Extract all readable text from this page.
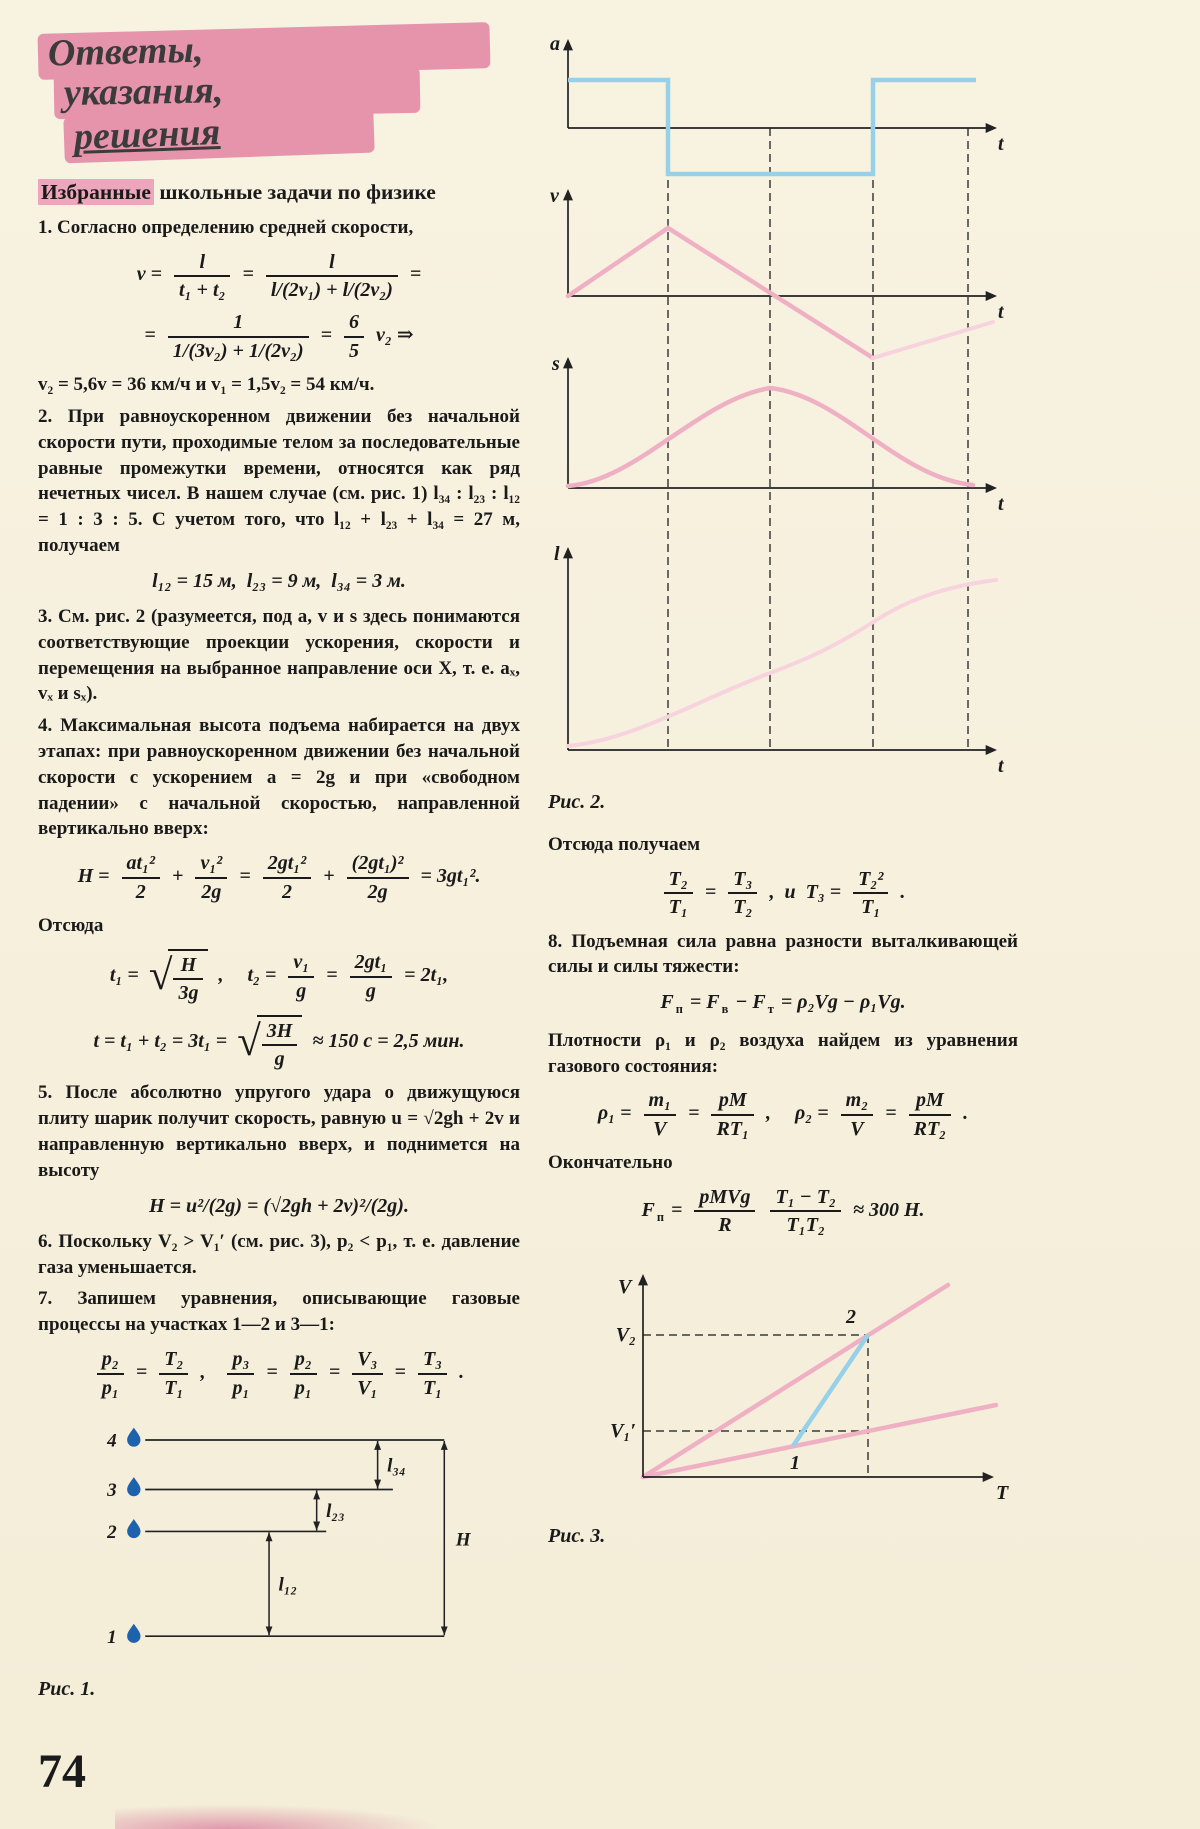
Ответы,
указания,
решения
Избранные школьные задачи по физике
1. Согласно определению средней скорости,
$v = \frac{l}{\text{t₁ + t₂}} = \frac{l}{\text{l/(2v₁) + l/(2v₂)}}$ =
= $\frac{1}{\text{1/(3v₂) + 1/(2v₂)}} = \frac{6}{5} v_2$ ⇒
v₂ = 5,6v = 36 км/ч и v₁ = 1,5v₂ = 54 км/ч.
2. При равноускоренном движении без начальной скорости пути, проходимые телом за последовательные равные промежутки времени, относятся как ряд нечетных чисел. В нашем случае (см. рис. 1) l₃₄ : l₂₃ : l₁₂ = 1 : 3 : 5. С учетом того, что l₁₂ + l₂₃ + l₃₄ = 27 м, получаем
l₁₂ = 15 м,  l₂₃ = 9 м,  l₃₄ = 3 м.
3. См. рис. 2 (разумеется, под a, v и s здесь понимаются соответствующие проекции ускорения, скорости и перемещения на выбранное направление оси X, т. е. aₓ, vₓ и sₓ).
4. Максимальная высота подъема набирается на двух этапах: при равноускоренном движении без начальной скорости с ускорением a = 2g и при «свободном падении» с начальной скоростью, направленной вертикально вверх:
$H = \frac{\text{at₁²}}{2} + \frac{\text{v₁²}}{2g} = \frac{\text{2gt₁²}}{2} + \frac{\text{(2gt₁)²}}{2g} = 3gt_1^2$.
Отсюда
t₁ = √ $\frac{H}{3g}$ ,    $t_2 = \frac{\text{v₁}}{g} = \frac{\text{2gt₁}}{g} = 2t_1$,
t = t₁ + t₂ = 3t₁ = √ $\frac{3H}{g} \approx 150$ с = 2,5 мин.
5. После абсолютно упругого удара о движущуюся плиту шарик получит скорость, равную u = √2gh + 2v и направленную вертикально вверх, и поднимется на высоту
H = u²/(2g) = (√2gh + 2v)²/(2g).
6. Поскольку V₂ > V₁′ (см. рис. 3), p₂ < p₁, т. е. давление газа уменьшается.
7. Запишем уравнения, описывающие газовые процессы на участках 1—2 и 3—1:
$\frac{\text{p₂}}{\text{p₁}} = \frac{\text{T₂}}{\text{T₁}}$ , $\frac{\text{p₃}}{\text{p₁}} = \frac{\text{p₂}}{\text{p₁}} = \frac{\text{V₃}}{\text{V₁}} = \frac{\text{T₃}}{\text{T₁}}$ .
4
3
2
1
l₃₄
l₂₃
l₁₂
H
Рис. 1.
a
t
v
t
s
t
l
t
Рис. 2.
Отсюда получаем
$\frac{\text{T₂}}{\text{T₁}} = \frac{\text{T₃}}{\text{T₂}}$ ,  и  $T_3 = \frac{\text{T₂²}}{\text{T₁}}$ .
8. Подъемная сила равна разности выталкивающей силы и силы тяжести:
F $_п$ = F $_в$ − F $_т$ = ρ₂Vg − ρ₁Vg.
Плотности ρ₁ и ρ₂ воздуха найдем из уравнения газового состояния:
$\rho_1 = \frac{\text{m₁}}{V} = \frac{pM}{\text{RT₁}}$ ,    $\rho_2 = \frac{\text{m₂}}{V} = \frac{pM}{\text{RT₂}}$ .
Окончательно
F $_п = \frac{\text{pMVg}}{R}$
$\frac{\text{T₁ − T₂}}{\text{T₁T₂}} \approx 300$ Н.
V
T
V₂
V₁′
2
1
Рис. 3.
74
